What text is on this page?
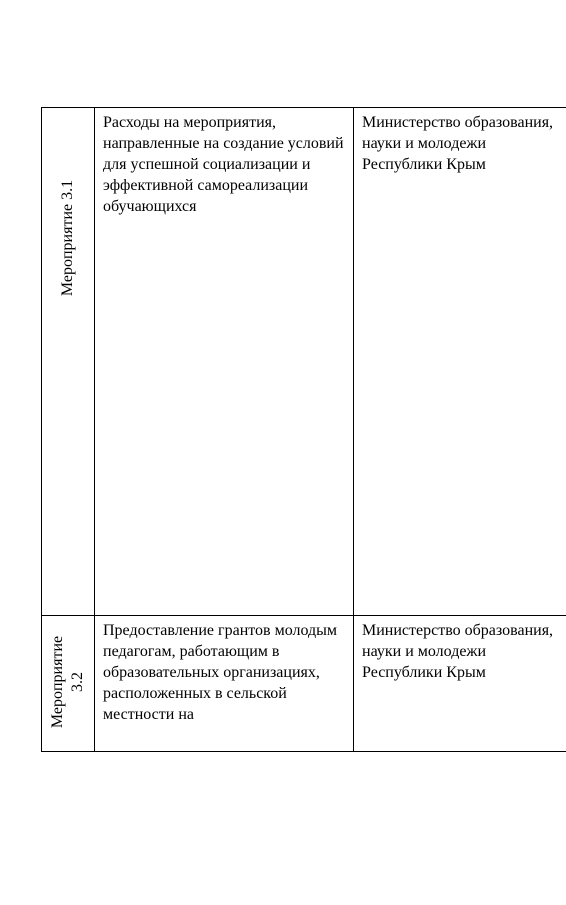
Мероприятие 3.1	Расходы на мероприятия, направленные на создание условий для успешной социализации и эффективной самореализации обучающихся	Министерство образования, науки и молодежи Республики Крым

Мероприятие 3.2	Предоставление грантов молодым педагогам, работающим в образовательных организациях, расположенных в сельской местности на	Министерство образования, науки и молодежи Республики Крым
